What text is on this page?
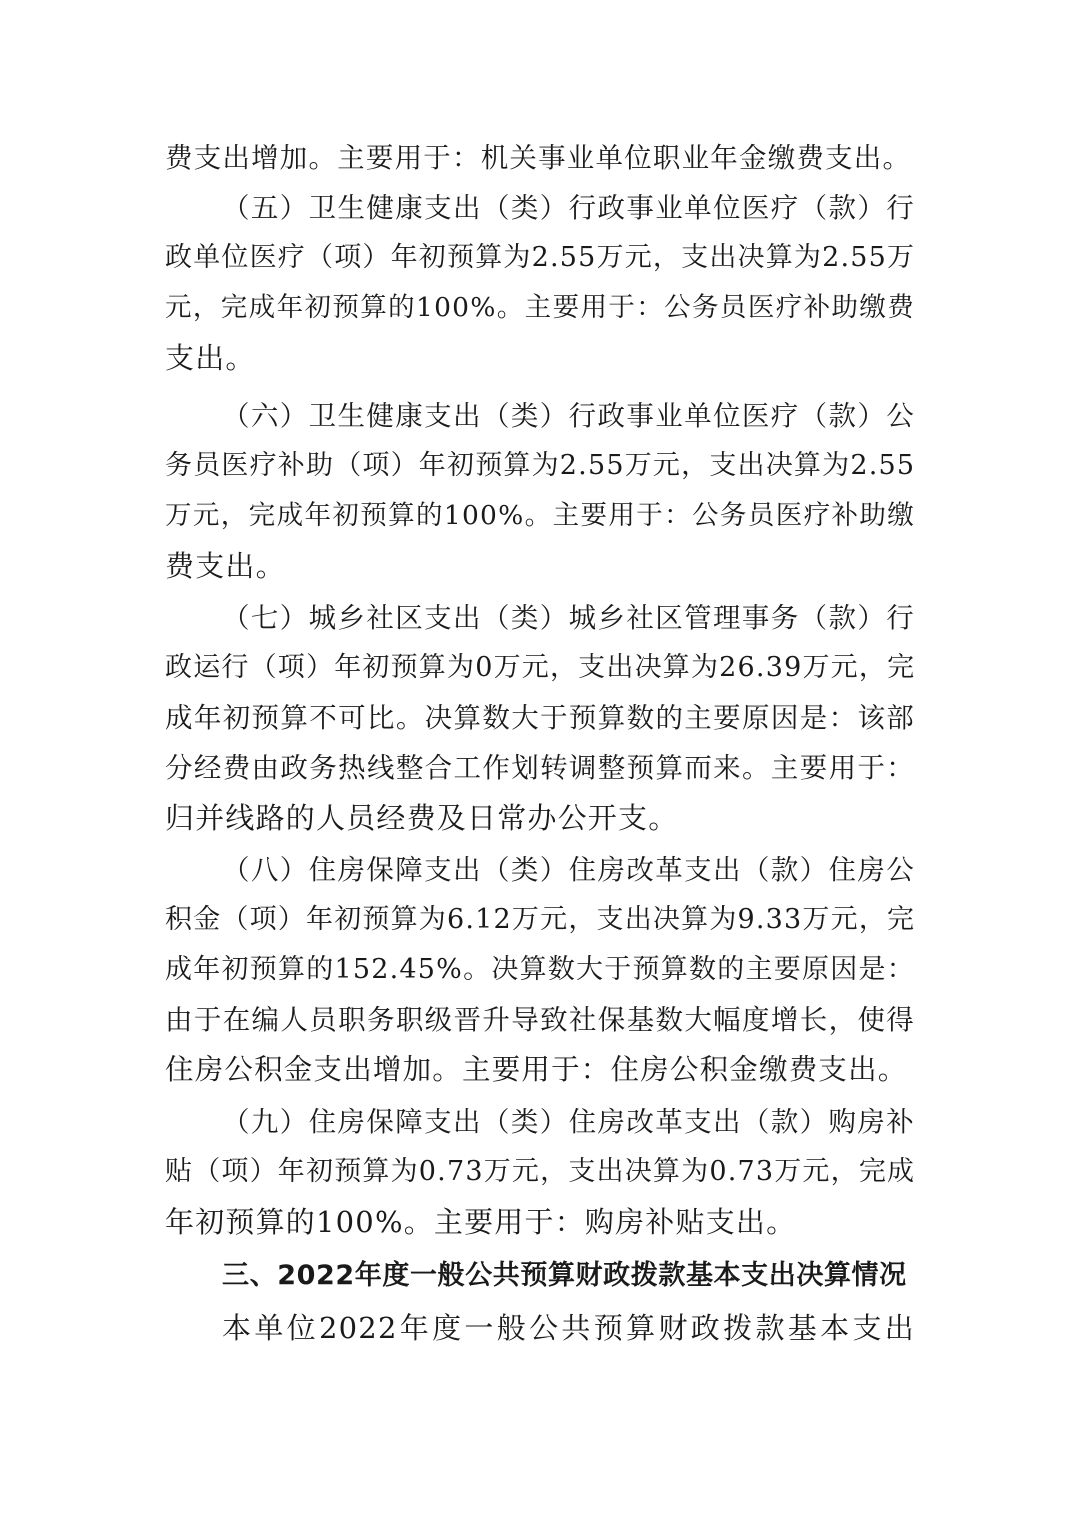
费支出增加。主要用于：机关事业单位职业年金缴费支出。
（五）卫生健康支出（类）行政事业单位医疗（款）行
政单位医疗（项）年初预算为2.55万元，支出决算为2.55万
元，完成年初预算的100%。主要用于：公务员医疗补助缴费
支出。
（六）卫生健康支出（类）行政事业单位医疗（款）公
务员医疗补助（项）年初预算为2.55万元，支出决算为2.55
万元，完成年初预算的100%。主要用于：公务员医疗补助缴
费支出。
（七）城乡社区支出（类）城乡社区管理事务（款）行
政运行（项）年初预算为0万元，支出决算为26.39万元，完
成年初预算不可比。决算数大于预算数的主要原因是：该部
分经费由政务热线整合工作划转调整预算而来。主要用于：
归并线路的人员经费及日常办公开支。
（八）住房保障支出（类）住房改革支出（款）住房公
积金（项）年初预算为6.12万元，支出决算为9.33万元，完
成年初预算的152.45%。决算数大于预算数的主要原因是：
由于在编人员职务职级晋升导致社保基数大幅度增长，使得
住房公积金支出增加。主要用于：住房公积金缴费支出。
（九）住房保障支出（类）住房改革支出（款）购房补
贴（项）年初预算为0.73万元，支出决算为0.73万元，完成
年初预算的100%。主要用于：购房补贴支出。
三、2022年度一般公共预算财政拨款基本支出决算情况
本单位2022年度一般公共预算财政拨款基本支出
